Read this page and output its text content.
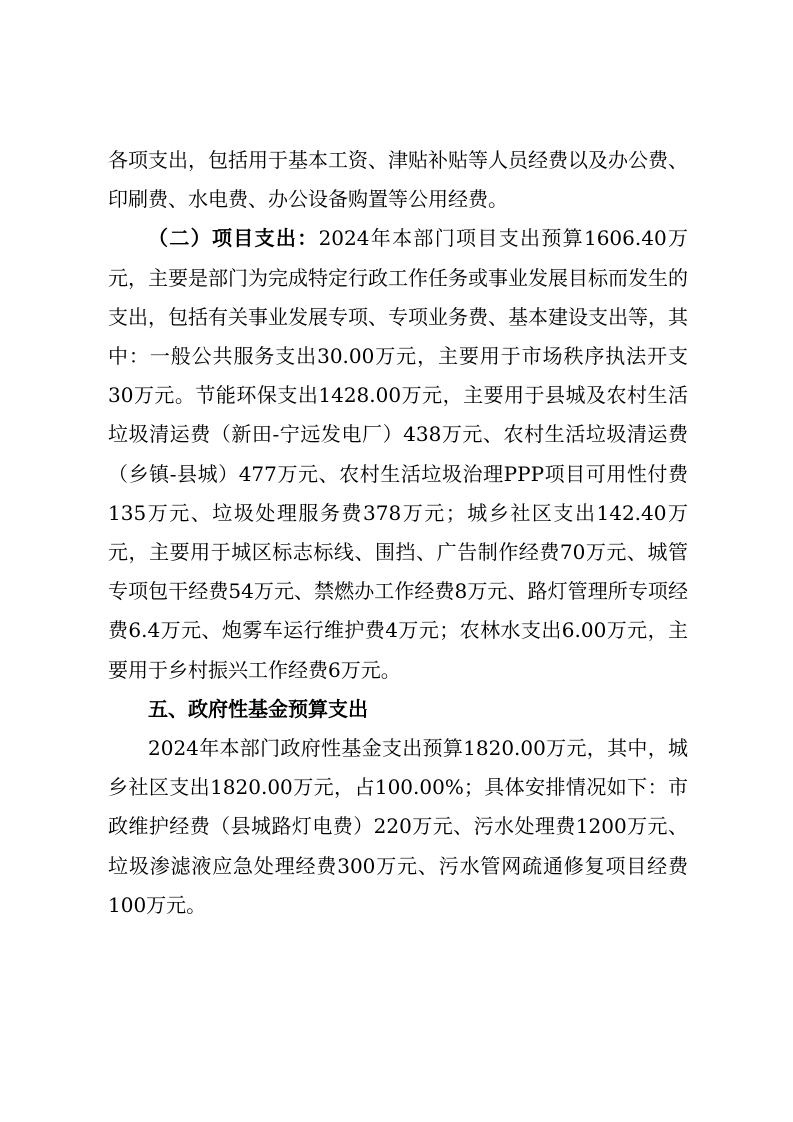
各项支出，包括用于基本工资、津贴补贴等人员经费以及办公费、印刷费、水电费、办公设备购置等公用经费。

（二）项目支出：2024年本部门项目支出预算1606.40万元，主要是部门为完成特定行政工作任务或事业发展目标而发生的支出，包括有关事业发展专项、专项业务费、基本建设支出等，其中：一般公共服务支出30.00万元，主要用于市场秩序执法开支30万元。节能环保支出1428.00万元，主要用于县城及农村生活垃圾清运费（新田-宁远发电厂）438万元、农村生活垃圾清运费（乡镇-县城）477万元、农村生活垃圾治理PPP项目可用性付费135万元、垃圾处理服务费378万元；城乡社区支出142.40万元，主要用于城区标志标线、围挡、广告制作经费70万元、城管专项包干经费54万元、禁燃办工作经费8万元、路灯管理所专项经费6.4万元、炮雾车运行维护费4万元；农林水支出6.00万元，主要用于乡村振兴工作经费6万元。

五、政府性基金预算支出

2024年本部门政府性基金支出预算1820.00万元，其中，城乡社区支出1820.00万元，占100.00%；具体安排情况如下：市政维护经费（县城路灯电费）220万元、污水处理费1200万元、垃圾渗滤液应急处理经费300万元、污水管网疏通修复项目经费100万元。
